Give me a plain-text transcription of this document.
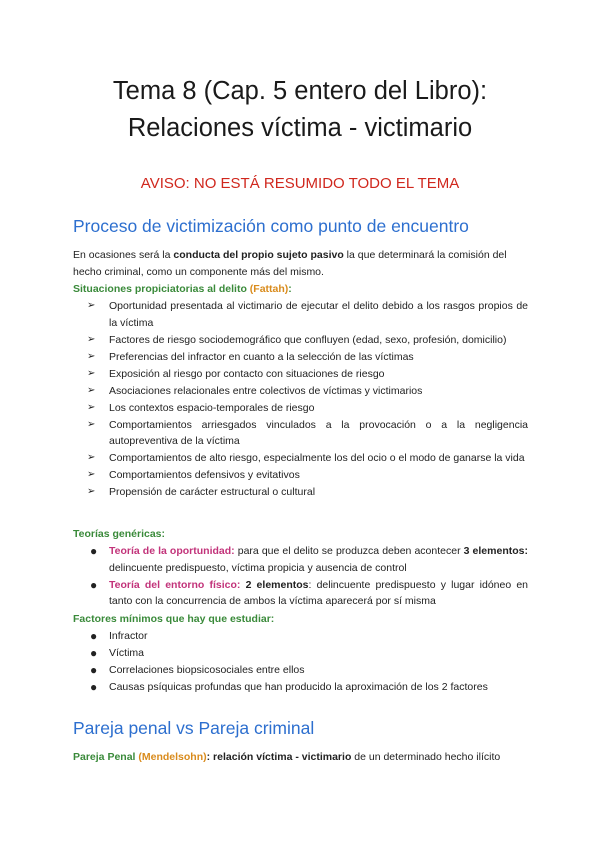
Tema 8 (Cap. 5 entero del Libro):
Relaciones víctima - victimario

AVISO: NO ESTÁ RESUMIDO TODO EL TEMA

Proceso de victimización como punto de encuentro

En ocasiones será la conducta del propio sujeto pasivo la que determinará la comisión del hecho criminal, como un componente más del mismo.

Situaciones propiciatorias al delito (Fattah):

➢ Oportunidad presentada al victimario de ejecutar el delito debido a los rasgos propios de la víctima
➢ Factores de riesgo sociodemográfico que confluyen (edad, sexo, profesión, domicilio)
➢ Preferencias del infractor en cuanto a la selección de las víctimas
➢ Exposición al riesgo por contacto con situaciones de riesgo
➢ Asociaciones relacionales entre colectivos de víctimas y victimarios
➢ Los contextos espacio-temporales de riesgo
➢ Comportamientos arriesgados vinculados a la provocación o a la negligencia autopreventiva de la víctima
➢ Comportamientos de alto riesgo, especialmente los del ocio o el modo de ganarse la vida
➢ Comportamientos defensivos y evitativos
➢ Propensión de carácter estructural o cultural

Teorías genéricas:

● Teoría de la oportunidad: para que el delito se produzca deben acontecer 3 elementos: delincuente predispuesto, víctima propicia y ausencia de control
● Teoría del entorno físico: 2 elementos: delincuente predispuesto y lugar idóneo en tanto con la concurrencia de ambos la víctima aparecerá por sí misma

Factores mínimos que hay que estudiar:

● Infractor
● Víctima
● Correlaciones biopsicosociales entre ellos
● Causas psíquicas profundas que han producido la aproximación de los 2 factores
Pareja penal vs Pareja criminal

Pareja Penal (Mendelsohn): relación víctima - victimario de un determinado hecho ilícito
